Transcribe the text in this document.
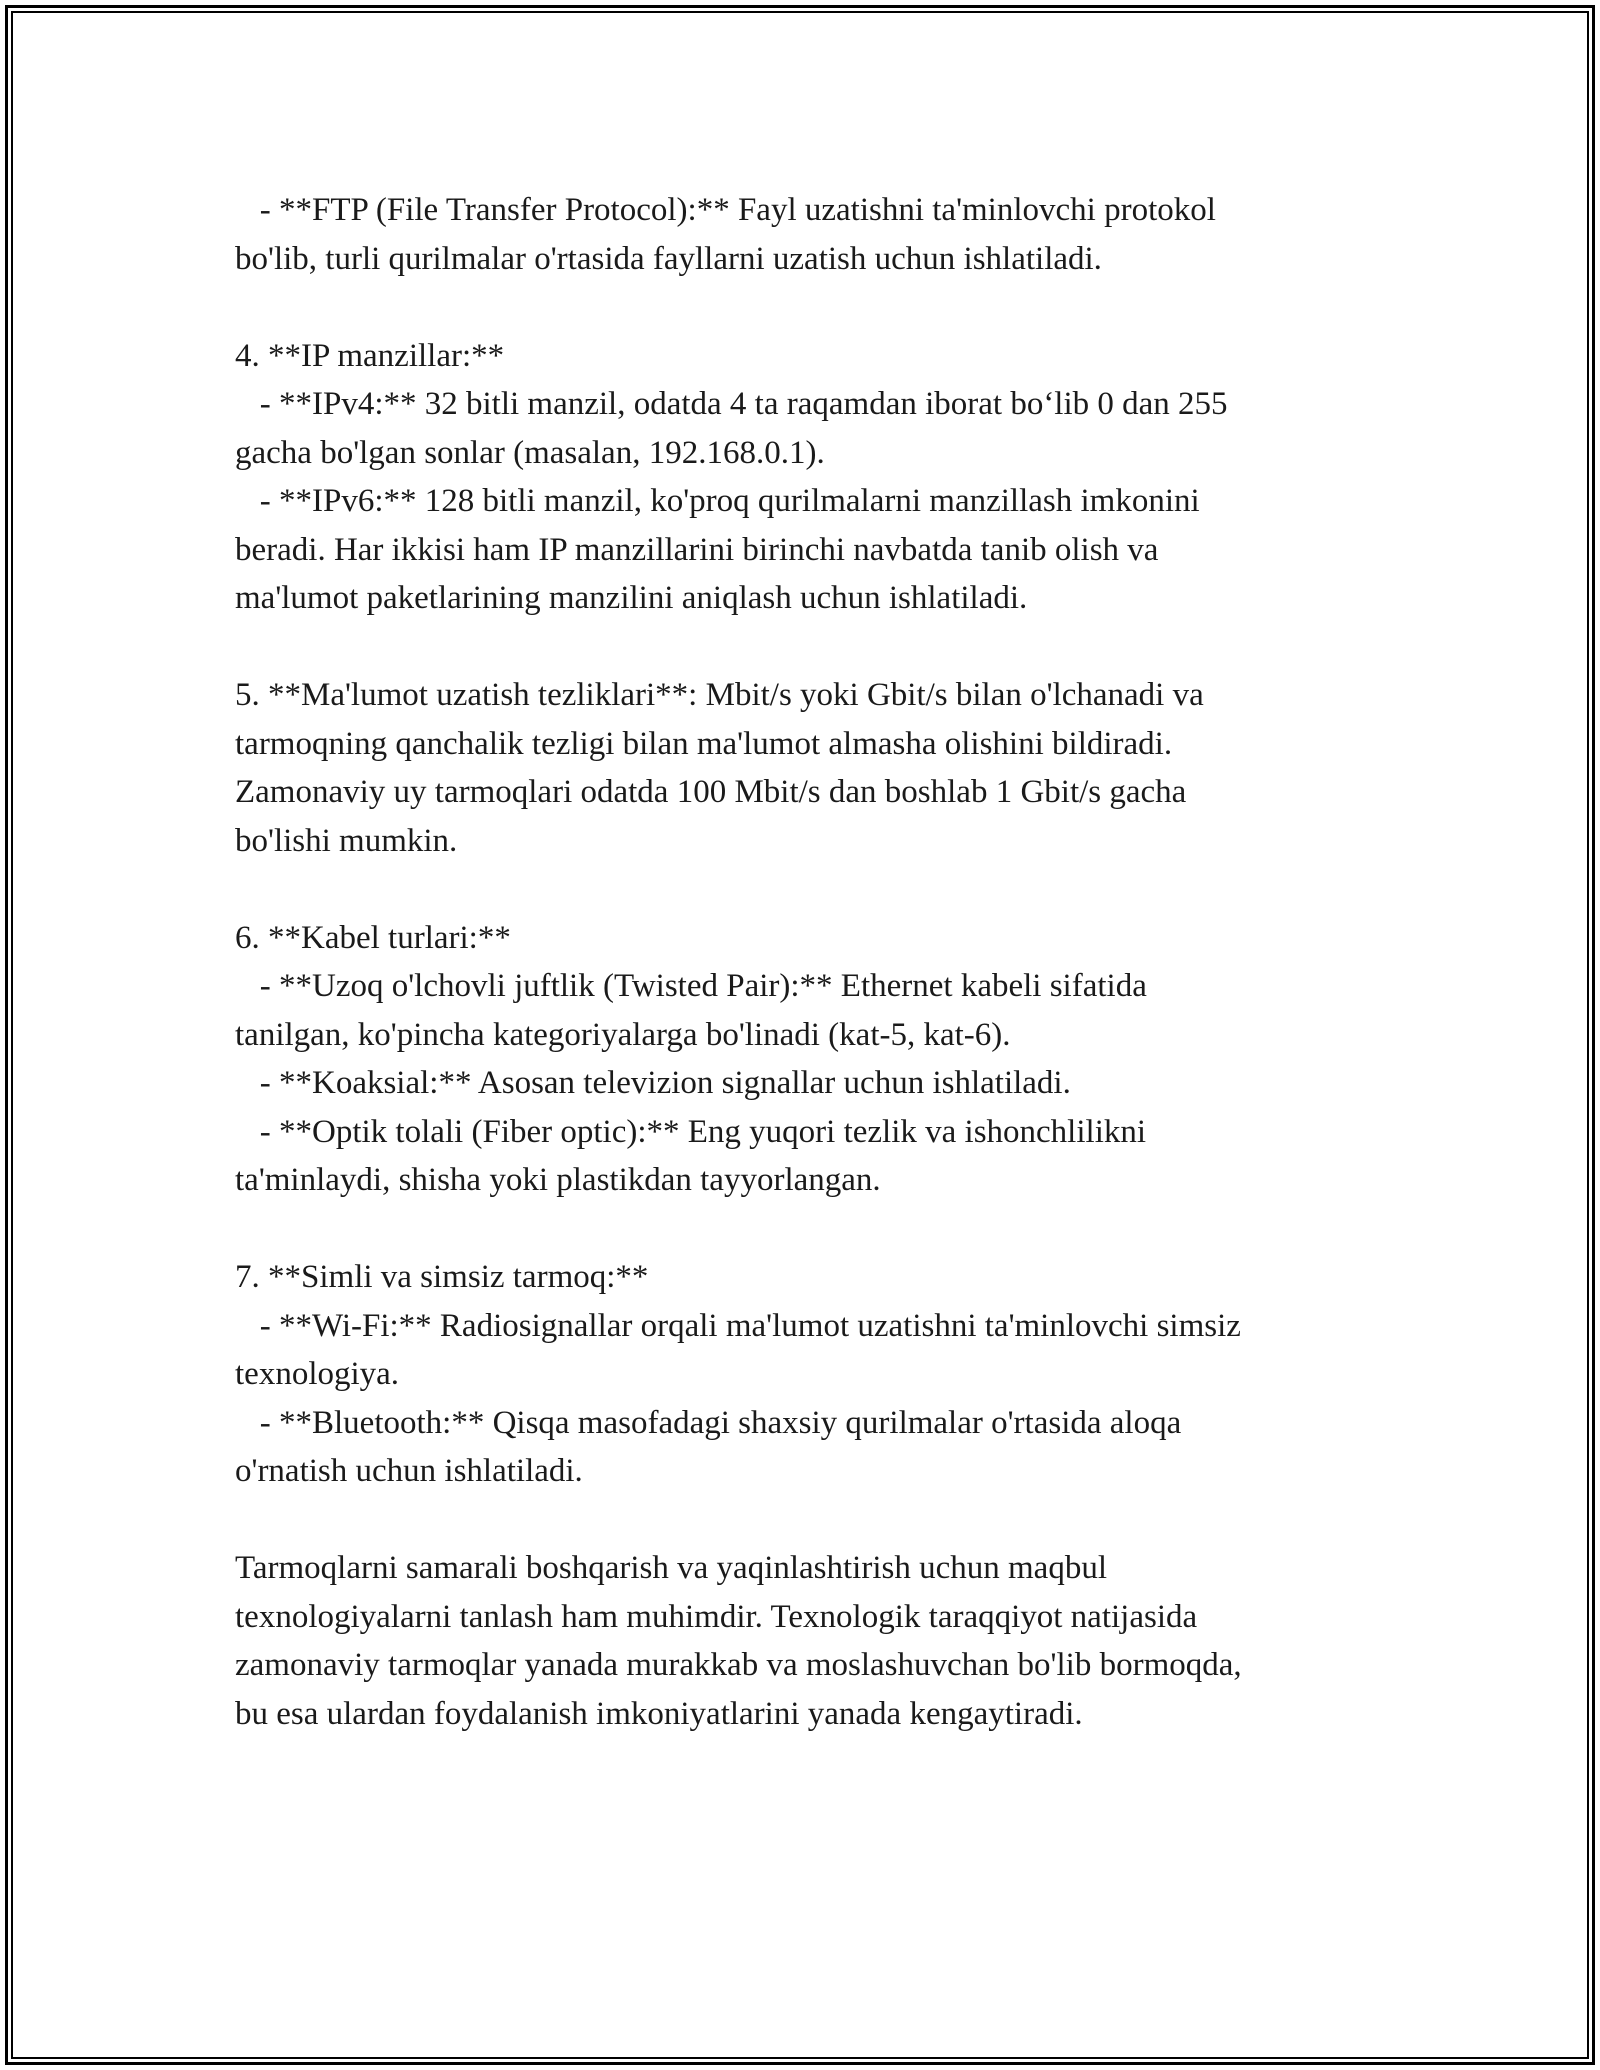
- **FTP (File Transfer Protocol):** Fayl uzatishni ta'minlovchi protokol
bo'lib, turli qurilmalar o'rtasida fayllarni uzatish uchun ishlatiladi.
4. **IP manzillar:**
- **IPv4:** 32 bitli manzil, odatda 4 ta raqamdan iborat bo‘lib 0 dan 255
gacha bo'lgan sonlar (masalan, 192.168.0.1).
- **IPv6:** 128 bitli manzil, ko'proq qurilmalarni manzillash imkonini
beradi. Har ikkisi ham IP manzillarini birinchi navbatda tanib olish va
ma'lumot paketlarining manzilini aniqlash uchun ishlatiladi.
5. **Ma'lumot uzatish tezliklari**: Mbit/s yoki Gbit/s bilan o'lchanadi va
tarmoqning qanchalik tezligi bilan ma'lumot almasha olishini bildiradi.
Zamonaviy uy tarmoqlari odatda 100 Mbit/s dan boshlab 1 Gbit/s gacha
bo'lishi mumkin.
6. **Kabel turlari:**
- **Uzoq o'lchovli juftlik (Twisted Pair):** Ethernet kabeli sifatida
tanilgan, ko'pincha kategoriyalarga bo'linadi (kat-5, kat-6).
- **Koaksial:** Asosan televizion signallar uchun ishlatiladi.
- **Optik tolali (Fiber optic):** Eng yuqori tezlik va ishonchlilikni
ta'minlaydi, shisha yoki plastikdan tayyorlangan.
7. **Simli va simsiz tarmoq:**
- **Wi-Fi:** Radiosignallar orqali ma'lumot uzatishni ta'minlovchi simsiz
texnologiya.
- **Bluetooth:** Qisqa masofadagi shaxsiy qurilmalar o'rtasida aloqa
o'rnatish uchun ishlatiladi.
Tarmoqlarni samarali boshqarish va yaqinlashtirish uchun maqbul
texnologiyalarni tanlash ham muhimdir. Texnologik taraqqiyot natijasida
zamonaviy tarmoqlar yanada murakkab va moslashuvchan bo'lib bormoqda,
bu esa ulardan foydalanish imkoniyatlarini yanada kengaytiradi.
